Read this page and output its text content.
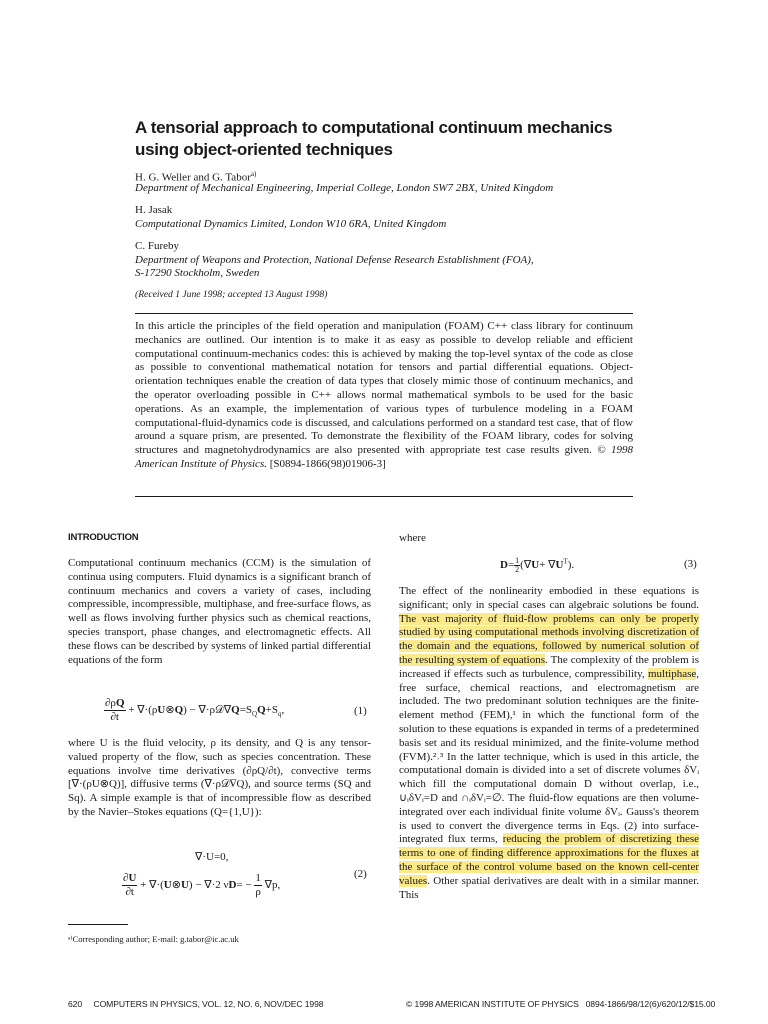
A tensorial approach to computational continuum mechanics
using object-oriented techniques
H. G. Weller and G. Tabor$^{a)}$
Department of Mechanical Engineering, Imperial College, London SW7 2BX, United Kingdom
H. Jasak
Computational Dynamics Limited, London W10 6RA, United Kingdom
C. Fureby
Department of Weapons and Protection, National Defense Research Establishment (FOA),
S-17290 Stockholm, Sweden
(Received 1 June 1998; accepted 13 August 1998)
In this article the principles of the field operation and manipulation (FOAM) C++ class library for continuum mechanics are outlined. Our intention is to make it as easy as possible to develop reliable and efficient computational continuum-mechanics codes: this is achieved by making the top-level syntax of the code as close as possible to conventional mathematical notation for tensors and partial differential equations. Object-orientation techniques enable the creation of data types that closely mimic those of continuum mechanics, and the operator overloading possible in C++ allows normal mathematical symbols to be used for the basic operations. As an example, the implementation of various types of turbulence modeling in a FOAM computational-fluid-dynamics code is discussed, and calculations performed on a standard test case, that of flow around a square prism, are presented. To demonstrate the flexibility of the FOAM library, codes for solving structures and magnetohydrodynamics are also presented with appropriate test case results given. © 1998 American Institute of Physics. [S0894-1866(98)01906-3]
INTRODUCTION
Computational continuum mechanics (CCM) is the simulation of continua using computers. Fluid dynamics is a significant branch of continuum mechanics and covers a variety of cases, including compressible, incompressible, multiphase, and free-surface flows, as well as flows involving further physics such as chemical reactions, species transport, phase changes, and electromagnetic effects. All these flows can be described by systems of linked partial differential equations of the form
$\frac{\partial\rho Q}{\partial t}$ + ∇·(ρU⊗Q) − $\nabla\cdot\rho 𝒟\nabla Q=S_QQ+S_q$,	(1)
where U is the fluid velocity, ρ its density, and Q is any tensor-valued property of the flow, such as species concentration. These equations involve time derivatives (∂ρQ/∂t), convective terms [∇·(ρU⊗Q)], diffusive terms (∇·ρ𝒟∇Q), and source terms (SQ and Sq). A simple example is that of incompressible flow as described by the Navier–Stokes equations (Q={1,U}):
∇·U=0,
$\frac{\partial U}{\partial t}$ + ∇·(U⊗U) − ∇·2 $\nu D= - \frac{1}{\rho} \nabla p$,
(2)
ᵃ⁾Corresponding author; E-mail: g.tabor@ic.ac.uk
where
$D= \frac{1}{2} (\nabla U+ \nabla U^T)$.	(3)
The effect of the nonlinearity embodied in these equations is significant; only in special cases can algebraic solutions be found. The vast majority of fluid-flow problems can only be properly studied by using computational methods involving discretization of the domain and the equations, followed by numerical solution of the resulting system of equations. The complexity of the problem is increased if effects such as turbulence, compressibility, multiphase, free surface, chemical reactions, and electromagnetism are included. The two predominant solution techniques are the finite-element method (FEM),¹ in which the functional form of the solution to these equations is expanded in terms of a predetermined basis set and its residual minimized, and the finite-volume method (FVM).²˒³ In the latter technique, which is used in this article, the computational domain is divided into a set of discrete volumes δVᵢ which fill the computational domain D without overlap, i.e., ∪ᵢδVᵢ=D and ∩ᵢδVᵢ=∅. The fluid-flow equations are then volume-integrated over each individual finite volume δVᵢ. Gauss's theorem is used to convert the divergence terms in Eqs. (2) into surface-integrated flux terms, reducing the problem of discretizing these terms to one of finding difference approximations for the fluxes at the surface of the control volume based on the known cell-center values. Other spatial derivatives are dealt with in a similar manner. This
620     COMPUTERS IN PHYSICS, VOL. 12, NO. 6, NOV/DEC 1998	© 1998 AMERICAN INSTITUTE OF PHYSICS   0894-1866/98/12(6)/620/12/$15.00
